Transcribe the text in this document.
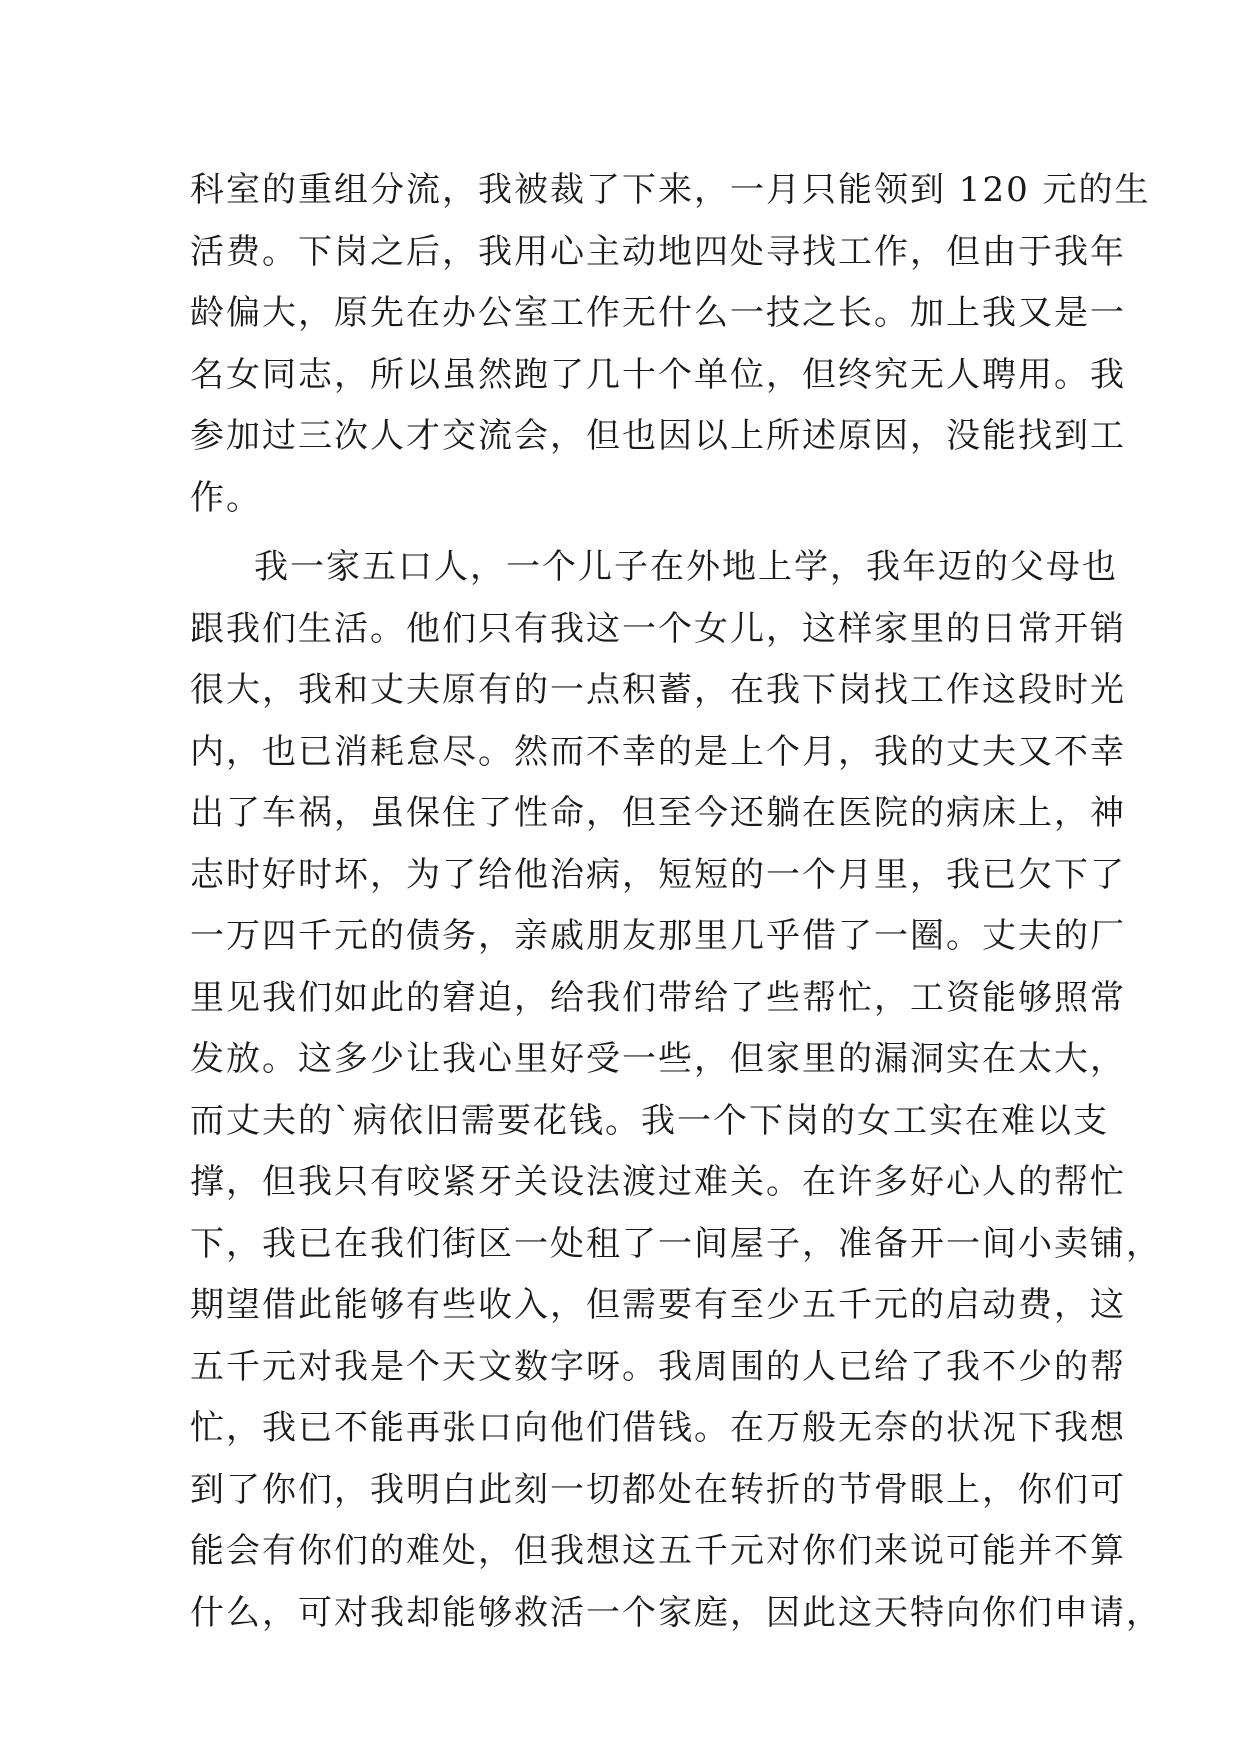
科室的重组分流，我被裁了下来，一月只能领到 120 元的生
活费。下岗之后，我用心主动地四处寻找工作，但由于我年
龄偏大，原先在办公室工作无什么一技之长。加上我又是一
名女同志，所以虽然跑了几十个单位，但终究无人聘用。我
参加过三次人才交流会，但也因以上所述原因，没能找到工
作。
我一家五口人，一个儿子在外地上学，我年迈的父母也
跟我们生活。他们只有我这一个女儿，这样家里的日常开销
很大，我和丈夫原有的一点积蓄，在我下岗找工作这段时光
内，也已消耗怠尽。然而不幸的是上个月，我的丈夫又不幸
出了车祸，虽保住了性命，但至今还躺在医院的病床上，神
志时好时坏，为了给他治病，短短的一个月里，我已欠下了
一万四千元的债务，亲戚朋友那里几乎借了一圈。丈夫的厂
里见我们如此的窘迫，给我们带给了些帮忙，工资能够照常
发放。这多少让我心里好受一些，但家里的漏洞实在太大，
而丈夫的`病依旧需要花钱。我一个下岗的女工实在难以支
撑，但我只有咬紧牙关设法渡过难关。在许多好心人的帮忙
下，我已在我们街区一处租了一间屋子，准备开一间小卖铺，
期望借此能够有些收入，但需要有至少五千元的启动费，这
五千元对我是个天文数字呀。我周围的人已给了我不少的帮
忙，我已不能再张口向他们借钱。在万般无奈的状况下我想
到了你们，我明白此刻一切都处在转折的节骨眼上，你们可
能会有你们的难处，但我想这五千元对你们来说可能并不算
什么，可对我却能够救活一个家庭，因此这天特向你们申请，
